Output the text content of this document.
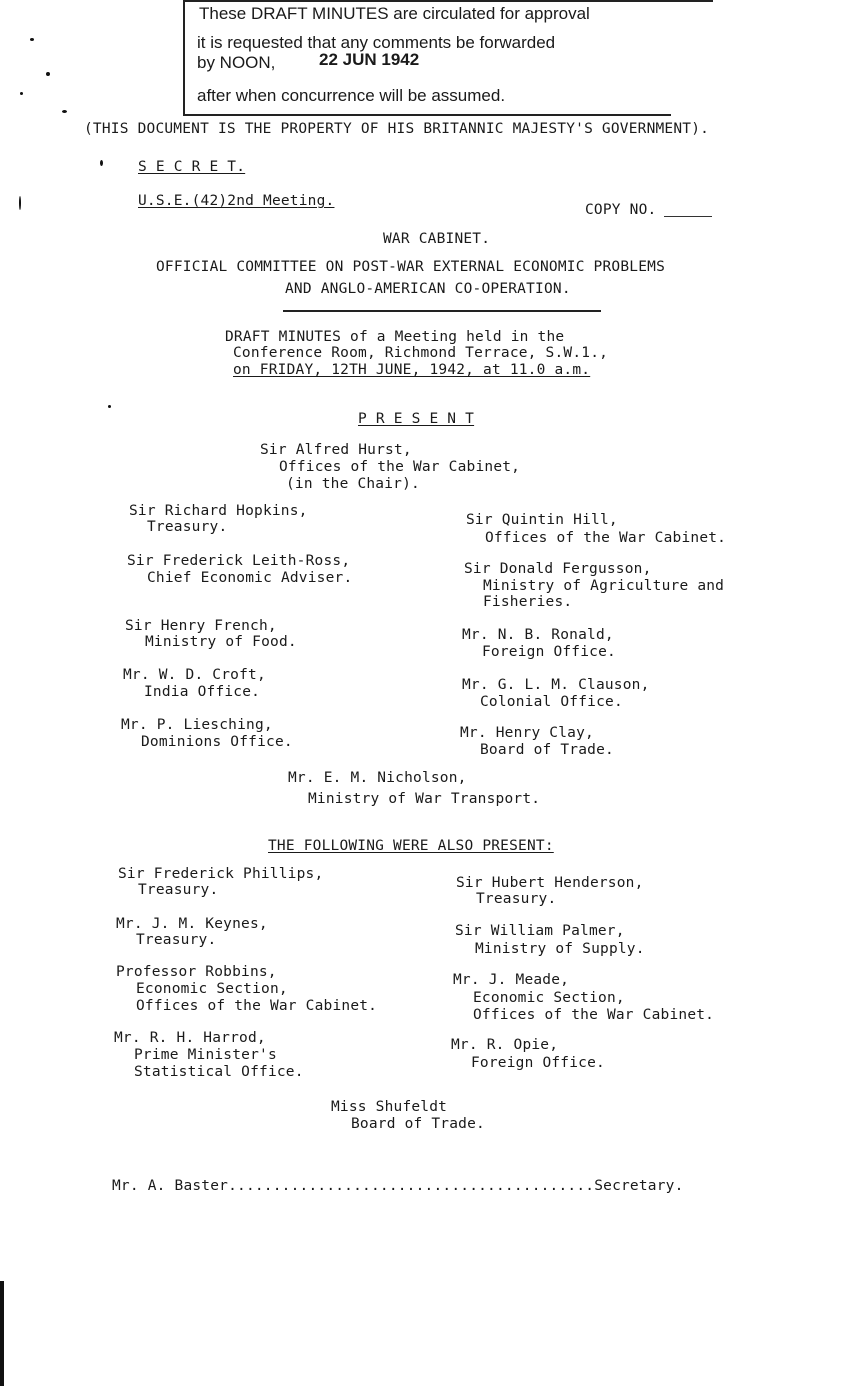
These DRAFT MINUTES are circulated for approval
it is requested that any comments be forwarded
by NOON,	22 JUN 1942
after when concurrence will be assumed.
(THIS DOCUMENT IS THE PROPERTY OF HIS BRITANNIC MAJESTY'S GOVERNMENT).
S E C R E T.
U.S.E.(42)2nd Meeting.
COPY NO.
WAR CABINET.
OFFICIAL COMMITTEE ON POST-WAR EXTERNAL ECONOMIC PROBLEMS
AND ANGLO-AMERICAN CO-OPERATION.
DRAFT MINUTES of a Meeting held in the
Conference Room, Richmond Terrace, S.W.1.,
on FRIDAY, 12TH JUNE, 1942, at 11.0 a.m.
P R E S E N T
Sir Alfred Hurst,
Offices of the War Cabinet,
(in the Chair).
Sir Richard Hopkins,
Treasury.
Sir Frederick Leith-Ross,
Chief Economic Adviser.
Sir Henry French,
Ministry of Food.
Mr. W. D. Croft,
India Office.
Mr. P. Liesching,
Dominions Office.
Sir Quintin Hill,
Offices of the War Cabinet.
Sir Donald Fergusson,
Ministry of Agriculture and
Fisheries.
Mr. N. B. Ronald,
Foreign Office.
Mr. G. L. M. Clauson,
Colonial Office.
Mr. Henry Clay,
Board of Trade.
Mr. E. M. Nicholson,
Ministry of War Transport.
THE FOLLOWING WERE ALSO PRESENT:
Sir Frederick Phillips,
Treasury.
Mr. J. M. Keynes,
Treasury.
Professor Robbins,
Economic Section,
Offices of the War Cabinet.
Mr. R. H. Harrod,
Prime Minister's
Statistical Office.
Sir Hubert Henderson,
Treasury.
Sir William Palmer,
Ministry of Supply.
Mr. J. Meade,
Economic Section,
Offices of the War Cabinet.
Mr. R. Opie,
Foreign Office.
Miss Shufeldt
Board of Trade.
Mr. A. Baster.........................................Secretary.
